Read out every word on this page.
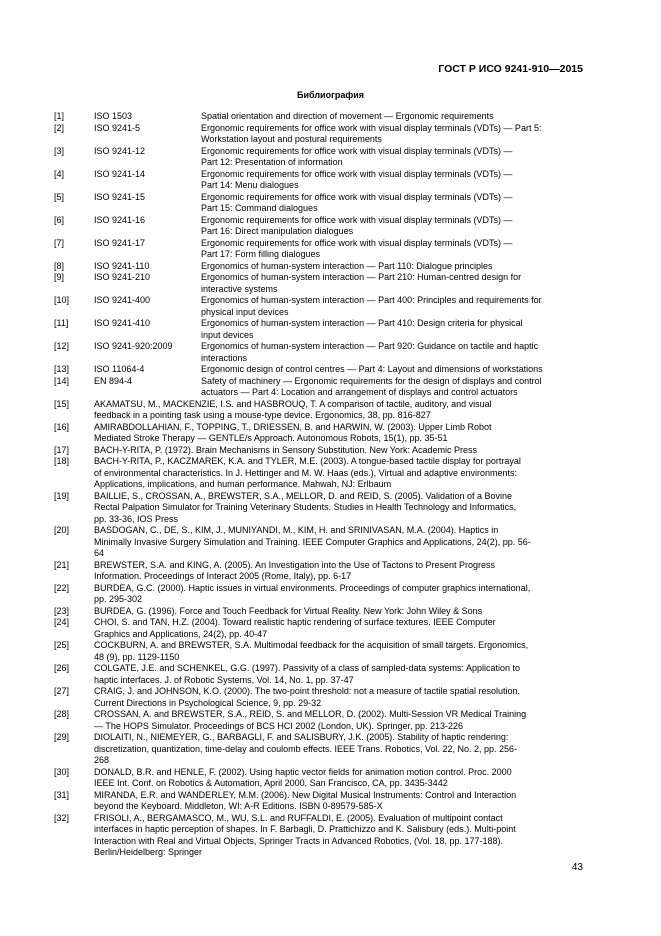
ГОСТ Р ИСО 9241-910—2015
Библиография
[1]	ISO 1503	Spatial orientation and direction of movement — Ergonomic requirements
[2]	ISO 9241-5	Ergonomic requirements for office work with visual display terminals (VDTs) — Part 5:
Workstation layout and postural requirements
[3]	ISO 9241-12	Ergonomic requirements for office work with visual display terminals (VDTs) —
Part 12: Presentation of information
[4]	ISO 9241-14	Ergonomic requirements for office work with visual display terminals (VDTs) —
Part 14: Menu dialogues
[5]	ISO 9241-15	Ergonomic requirements for office work with visual display terminals (VDTs) —
Part 15: Command dialogues
[6]	ISO 9241-16	Ergonomic requirements for office work with visual display terminals (VDTs) —
Part 16: Direct manipulation dialogues
[7]	ISO 9241-17	Ergonomic requirements for office work with visual display terminals (VDTs) —
Part 17: Form filling dialogues
[8]	ISO 9241-110	Ergonomics of human-system interaction — Part 110: Dialogue principles
[9]	ISO 9241-210	Ergonomics of human-system interaction — Part 210: Human-centred design for
interactive systems
[10]	ISO 9241-400	Ergonomics of human-system interaction — Part 400: Principles and requirements for
physical input devices
[11]	ISO 9241-410	Ergonomics of human-system interaction — Part 410: Design criteria for physical
input devices
[12]	ISO 9241-920:2009	Ergonomics of human-system interaction — Part 920: Guidance on tactile and haptic
interactions
[13]	ISO 11064-4	Ergonomic design of control centres — Part 4: Layout and dimensions of workstations
[14]	EN 894-4	Safety of machinery — Ergonomic requirements for the design of displays and control
actuators — Part 4: Location and arrangement of displays and control actuators
[15]	AKAMATSU, M., MACKENZIE, I.S. and HASBROUQ, T. A comparison of tactile, auditory, and visual
feedback in a pointing task using a mouse-type device. Ergonomics, 38, pp. 816-827
[16]	AMIRABDOLLAHIAN, F., TOPPING, T., DRIESSEN, B. and HARWIN, W. (2003). Upper Limb Robot
Mediated Stroke Therapy — GENTLE/s Approach. Autonomous Robots, 15(1), pp. 35-51
[17]	BACH-Y-RITA, P. (1972). Brain Mechanisms in Sensory Substitution. New York: Academic Press
[18]	BACH-Y-RITA, P., KACZMAREK, K.A. and TYLER, M.E. (2003). A tongue-based tactile display for portrayal
of environmental characteristics. In J. Hettinger and M. W. Haas (eds.), Virtual and adaptive environments:
Applications, implications, and human performance. Mahwah, NJ: Erlbaum
[19]	BAILLIE, S., CROSSAN, A., BREWSTER, S.A., MELLOR, D. and REID, S. (2005). Validation of a Bovine
Rectal Palpation Simulator for Training Veterinary Students. Studies in Health Technology and Informatics,
pp. 33-36, IOS Press
[20]	BASDOGAN, C., DE, S., KIM, J., MUNIYANDI, M., KIM, H. and SRINIVASAN, M.A. (2004). Haptics in
Minimally Invasive Surgery Simulation and Training. IEEE Computer Graphics and Applications, 24(2), pp. 56-
64
[21]	BREWSTER, S.A. and KING, A. (2005). An Investigation into the Use of Tactons to Present Progress
Information. Proceedings of Interact 2005 (Rome, Italy), pp. 6-17
[22]	BURDEA, G.C. (2000). Haptic issues in virtual environments. Proceedings of computer graphics international,
pp. 295-302
[23]	BURDEA, G. (1996). Force and Touch Feedback for Virtual Reality. New York: John Wiley & Sons
[24]	CHOI, S. and TAN, H.Z. (2004). Toward realistic haptic rendering of surface textures. IEEE Computer
Graphics and Applications, 24(2), pp. 40-47
[25]	COCKBURN, A. and BREWSTER, S.A. Multimodal feedback for the acquisition of small targets. Ergonomics,
48 (9), pp. 1129-1150
[26]	COLGATE, J.E. and SCHENKEL, G.G. (1997). Passivity of a class of sampled-data systems: Application to
haptic interfaces. J. of Robotic Systems, Vol. 14, No. 1, pp. 37-47
[27]	CRAIG, J. and JOHNSON, K.O. (2000). The two-point threshold: not a measure of tactile spatial resolution.
Current Directions in Psychological Science, 9, pp. 29-32
[28]	CROSSAN, A. and BREWSTER, S.A., REID, S. and MELLOR, D. (2002). Multi-Session VR Medical Training
— The HOPS Simulator. Proceedings of BCS HCI 2002 (London, UK). Springer, pp. 213-226
[29]	DIOLAITI, N., NIEMEYER, G., BARBAGLI, F. and SALISBURY, J.K. (2005). Stability of haptic rendering:
discretization, quantization, time-delay and coulomb effects. IEEE Trans. Robotics, Vol. 22, No. 2, pp. 256-
268
[30]	DONALD, B.R. and HENLE, F. (2002). Using haptic vector fields for animation motion control. Proc. 2000
IEEE Int. Conf. on Robotics & Automation, April 2000, San Francisco, CA, pp. 3435-3442
[31]	MIRANDA, E.R. and WANDERLEY, M.M. (2006). New Digital Musical Instruments: Control and Interaction
beyond the Keyboard. Middleton, WI: A-R Editions. ISBN 0-89579-585-X
[32]	FRISOLI, A., BERGAMASCO, M., WU, S.L. and RUFFALDI, E. (2005). Evaluation of multipoint contact
interfaces in haptic perception of shapes. In F. Barbagli, D. Prattichizzo and K. Salisbury (eds.). Multi-point
Interaction with Real and Virtual Objects, Springer Tracts in Advanced Robotics, (Vol. 18, pp. 177-188).
Berlin/Heidelberg: Springer
43
